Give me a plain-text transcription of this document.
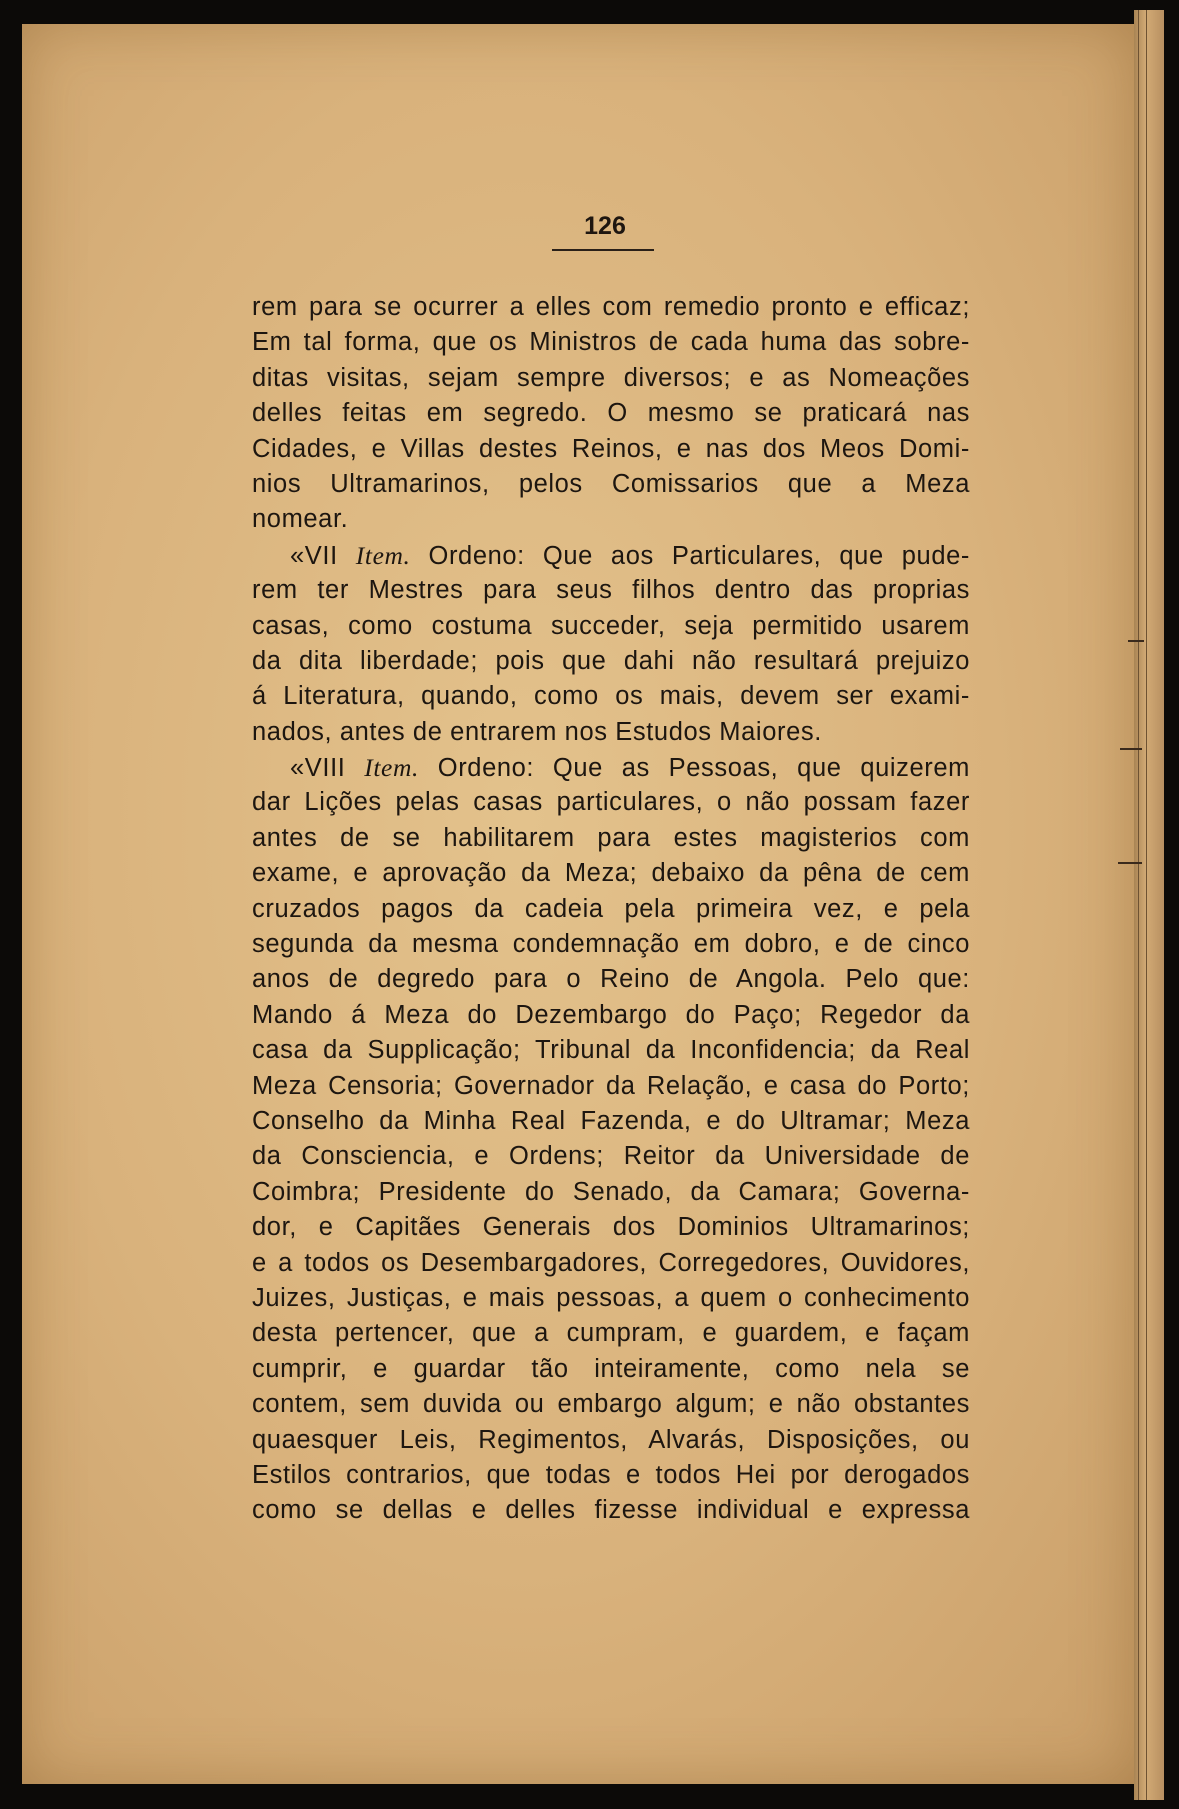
126
rem para se ocurrer a elles com remedio pronto e efficaz;
Em tal forma, que os Ministros de cada huma das sobre-
ditas visitas, sejam sempre diversos; e as Nomeações
delles feitas em segredo. O mesmo se praticará nas
Cidades, e Villas destes Reinos, e nas dos Meos Domi-
nios Ultramarinos, pelos Comissarios que a Meza
nomear.
«VII Item. Ordeno: Que aos Particulares, que pude-
rem ter Mestres para seus filhos dentro das proprias
casas, como costuma succeder, seja permitido usarem
da dita liberdade; pois que dahi não resultará prejuizo
á Literatura, quando, como os mais, devem ser exami-
nados, antes de entrarem nos Estudos Maiores.
«VIII Item. Ordeno: Que as Pessoas, que quizerem
dar Lições pelas casas particulares, o não possam fazer
antes de se habilitarem para estes magisterios com
exame, e aprovação da Meza; debaixo da pêna de cem
cruzados pagos da cadeia pela primeira vez, e pela
segunda da mesma condemnação em dobro, e de cinco
anos de degredo para o Reino de Angola. Pelo que:
Mando á Meza do Dezembargo do Paço; Regedor da
casa da Supplicação; Tribunal da Inconfidencia; da Real
Meza Censoria; Governador da Relação, e casa do Porto;
Conselho da Minha Real Fazenda, e do Ultramar; Meza
da Consciencia, e Ordens; Reitor da Universidade de
Coimbra; Presidente do Senado, da Camara; Governa-
dor, e Capitães Generais dos Dominios Ultramarinos;
e a todos os Desembargadores, Corregedores, Ouvidores,
Juizes, Justiças, e mais pessoas, a quem o conhecimento
desta pertencer, que a cumpram, e guardem, e façam
cumprir, e guardar tão inteiramente, como nela se
contem, sem duvida ou embargo algum; e não obstantes
quaesquer Leis, Regimentos, Alvarás, Disposições, ou
Estilos contrarios, que todas e todos Hei por derogados
como se dellas e delles fizesse individual e expressa
